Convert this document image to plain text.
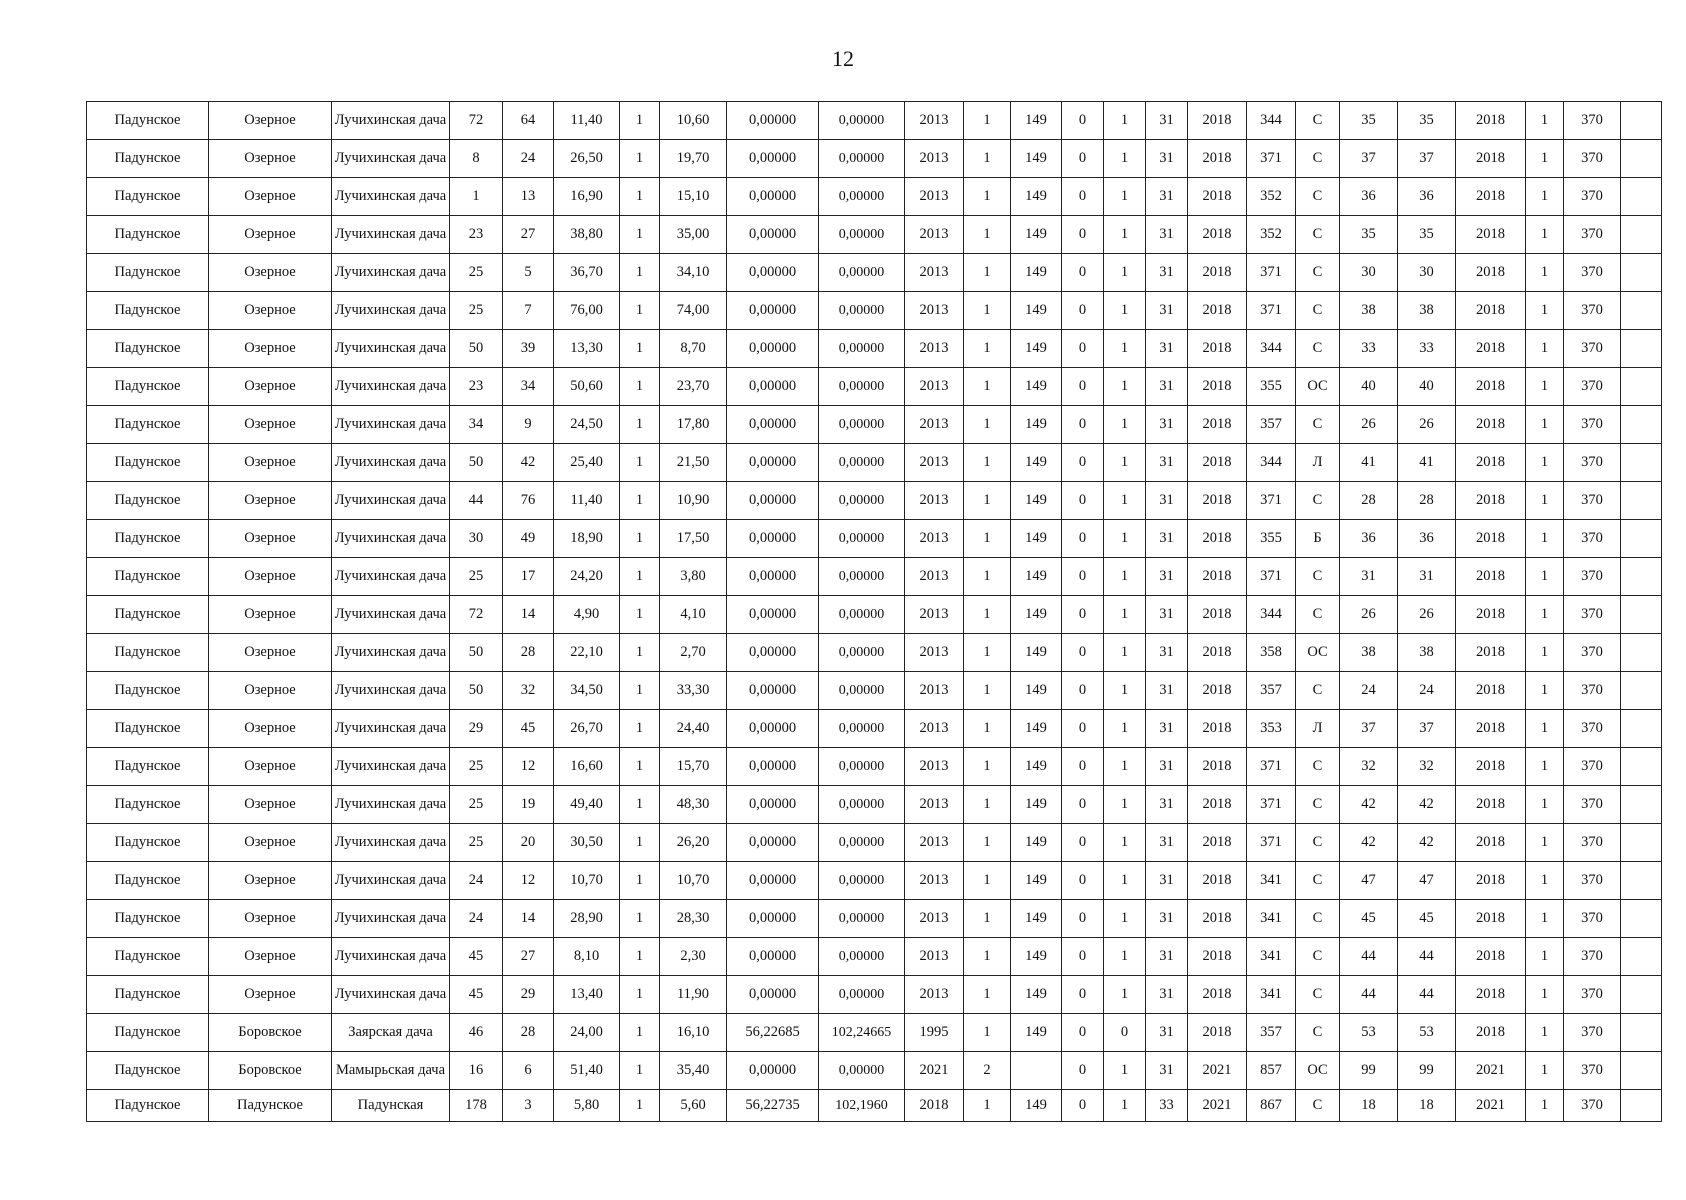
12
Падунское	Озерное	Лучихинская дача	72	64	11,40	1	10,60	0,00000	0,00000	2013	1	149	0	1	31	2018	344	С	35	35	2018	1	370	
Падунское	Озерное	Лучихинская дача	8	24	26,50	1	19,70	0,00000	0,00000	2013	1	149	0	1	31	2018	371	С	37	37	2018	1	370	
Падунское	Озерное	Лучихинская дача	1	13	16,90	1	15,10	0,00000	0,00000	2013	1	149	0	1	31	2018	352	С	36	36	2018	1	370	
Падунское	Озерное	Лучихинская дача	23	27	38,80	1	35,00	0,00000	0,00000	2013	1	149	0	1	31	2018	352	С	35	35	2018	1	370	
Падунское	Озерное	Лучихинская дача	25	5	36,70	1	34,10	0,00000	0,00000	2013	1	149	0	1	31	2018	371	С	30	30	2018	1	370	
Падунское	Озерное	Лучихинская дача	25	7	76,00	1	74,00	0,00000	0,00000	2013	1	149	0	1	31	2018	371	С	38	38	2018	1	370	
Падунское	Озерное	Лучихинская дача	50	39	13,30	1	8,70	0,00000	0,00000	2013	1	149	0	1	31	2018	344	С	33	33	2018	1	370	
Падунское	Озерное	Лучихинская дача	23	34	50,60	1	23,70	0,00000	0,00000	2013	1	149	0	1	31	2018	355	ОС	40	40	2018	1	370	
Падунское	Озерное	Лучихинская дача	34	9	24,50	1	17,80	0,00000	0,00000	2013	1	149	0	1	31	2018	357	С	26	26	2018	1	370	
Падунское	Озерное	Лучихинская дача	50	42	25,40	1	21,50	0,00000	0,00000	2013	1	149	0	1	31	2018	344	Л	41	41	2018	1	370	
Падунское	Озерное	Лучихинская дача	44	76	11,40	1	10,90	0,00000	0,00000	2013	1	149	0	1	31	2018	371	С	28	28	2018	1	370	
Падунское	Озерное	Лучихинская дача	30	49	18,90	1	17,50	0,00000	0,00000	2013	1	149	0	1	31	2018	355	Б	36	36	2018	1	370	
Падунское	Озерное	Лучихинская дача	25	17	24,20	1	3,80	0,00000	0,00000	2013	1	149	0	1	31	2018	371	С	31	31	2018	1	370	
Падунское	Озерное	Лучихинская дача	72	14	4,90	1	4,10	0,00000	0,00000	2013	1	149	0	1	31	2018	344	С	26	26	2018	1	370	
Падунское	Озерное	Лучихинская дача	50	28	22,10	1	2,70	0,00000	0,00000	2013	1	149	0	1	31	2018	358	ОС	38	38	2018	1	370	
Падунское	Озерное	Лучихинская дача	50	32	34,50	1	33,30	0,00000	0,00000	2013	1	149	0	1	31	2018	357	С	24	24	2018	1	370	
Падунское	Озерное	Лучихинская дача	29	45	26,70	1	24,40	0,00000	0,00000	2013	1	149	0	1	31	2018	353	Л	37	37	2018	1	370	
Падунское	Озерное	Лучихинская дача	25	12	16,60	1	15,70	0,00000	0,00000	2013	1	149	0	1	31	2018	371	С	32	32	2018	1	370	
Падунское	Озерное	Лучихинская дача	25	19	49,40	1	48,30	0,00000	0,00000	2013	1	149	0	1	31	2018	371	С	42	42	2018	1	370	
Падунское	Озерное	Лучихинская дача	25	20	30,50	1	26,20	0,00000	0,00000	2013	1	149	0	1	31	2018	371	С	42	42	2018	1	370	
Падунское	Озерное	Лучихинская дача	24	12	10,70	1	10,70	0,00000	0,00000	2013	1	149	0	1	31	2018	341	С	47	47	2018	1	370	
Падунское	Озерное	Лучихинская дача	24	14	28,90	1	28,30	0,00000	0,00000	2013	1	149	0	1	31	2018	341	С	45	45	2018	1	370	
Падунское	Озерное	Лучихинская дача	45	27	8,10	1	2,30	0,00000	0,00000	2013	1	149	0	1	31	2018	341	С	44	44	2018	1	370	
Падунское	Озерное	Лучихинская дача	45	29	13,40	1	11,90	0,00000	0,00000	2013	1	149	0	1	31	2018	341	С	44	44	2018	1	370	
Падунское	Боровское	Заярская дача	46	28	24,00	1	16,10	56,22685	102,24665	1995	1	149	0	0	31	2018	357	С	53	53	2018	1	370	
Падунское	Боровское	Мамырьская дача	16	6	51,40	1	35,40	0,00000	0,00000	2021	2		0	1	31	2021	857	ОС	99	99	2021	1	370	
Падунское	Падунское	Падунская	178	3	5,80	1	5,60	56,22735	102,1960	2018	1	149	0	1	33	2021	867	С	18	18	2021	1	370	
